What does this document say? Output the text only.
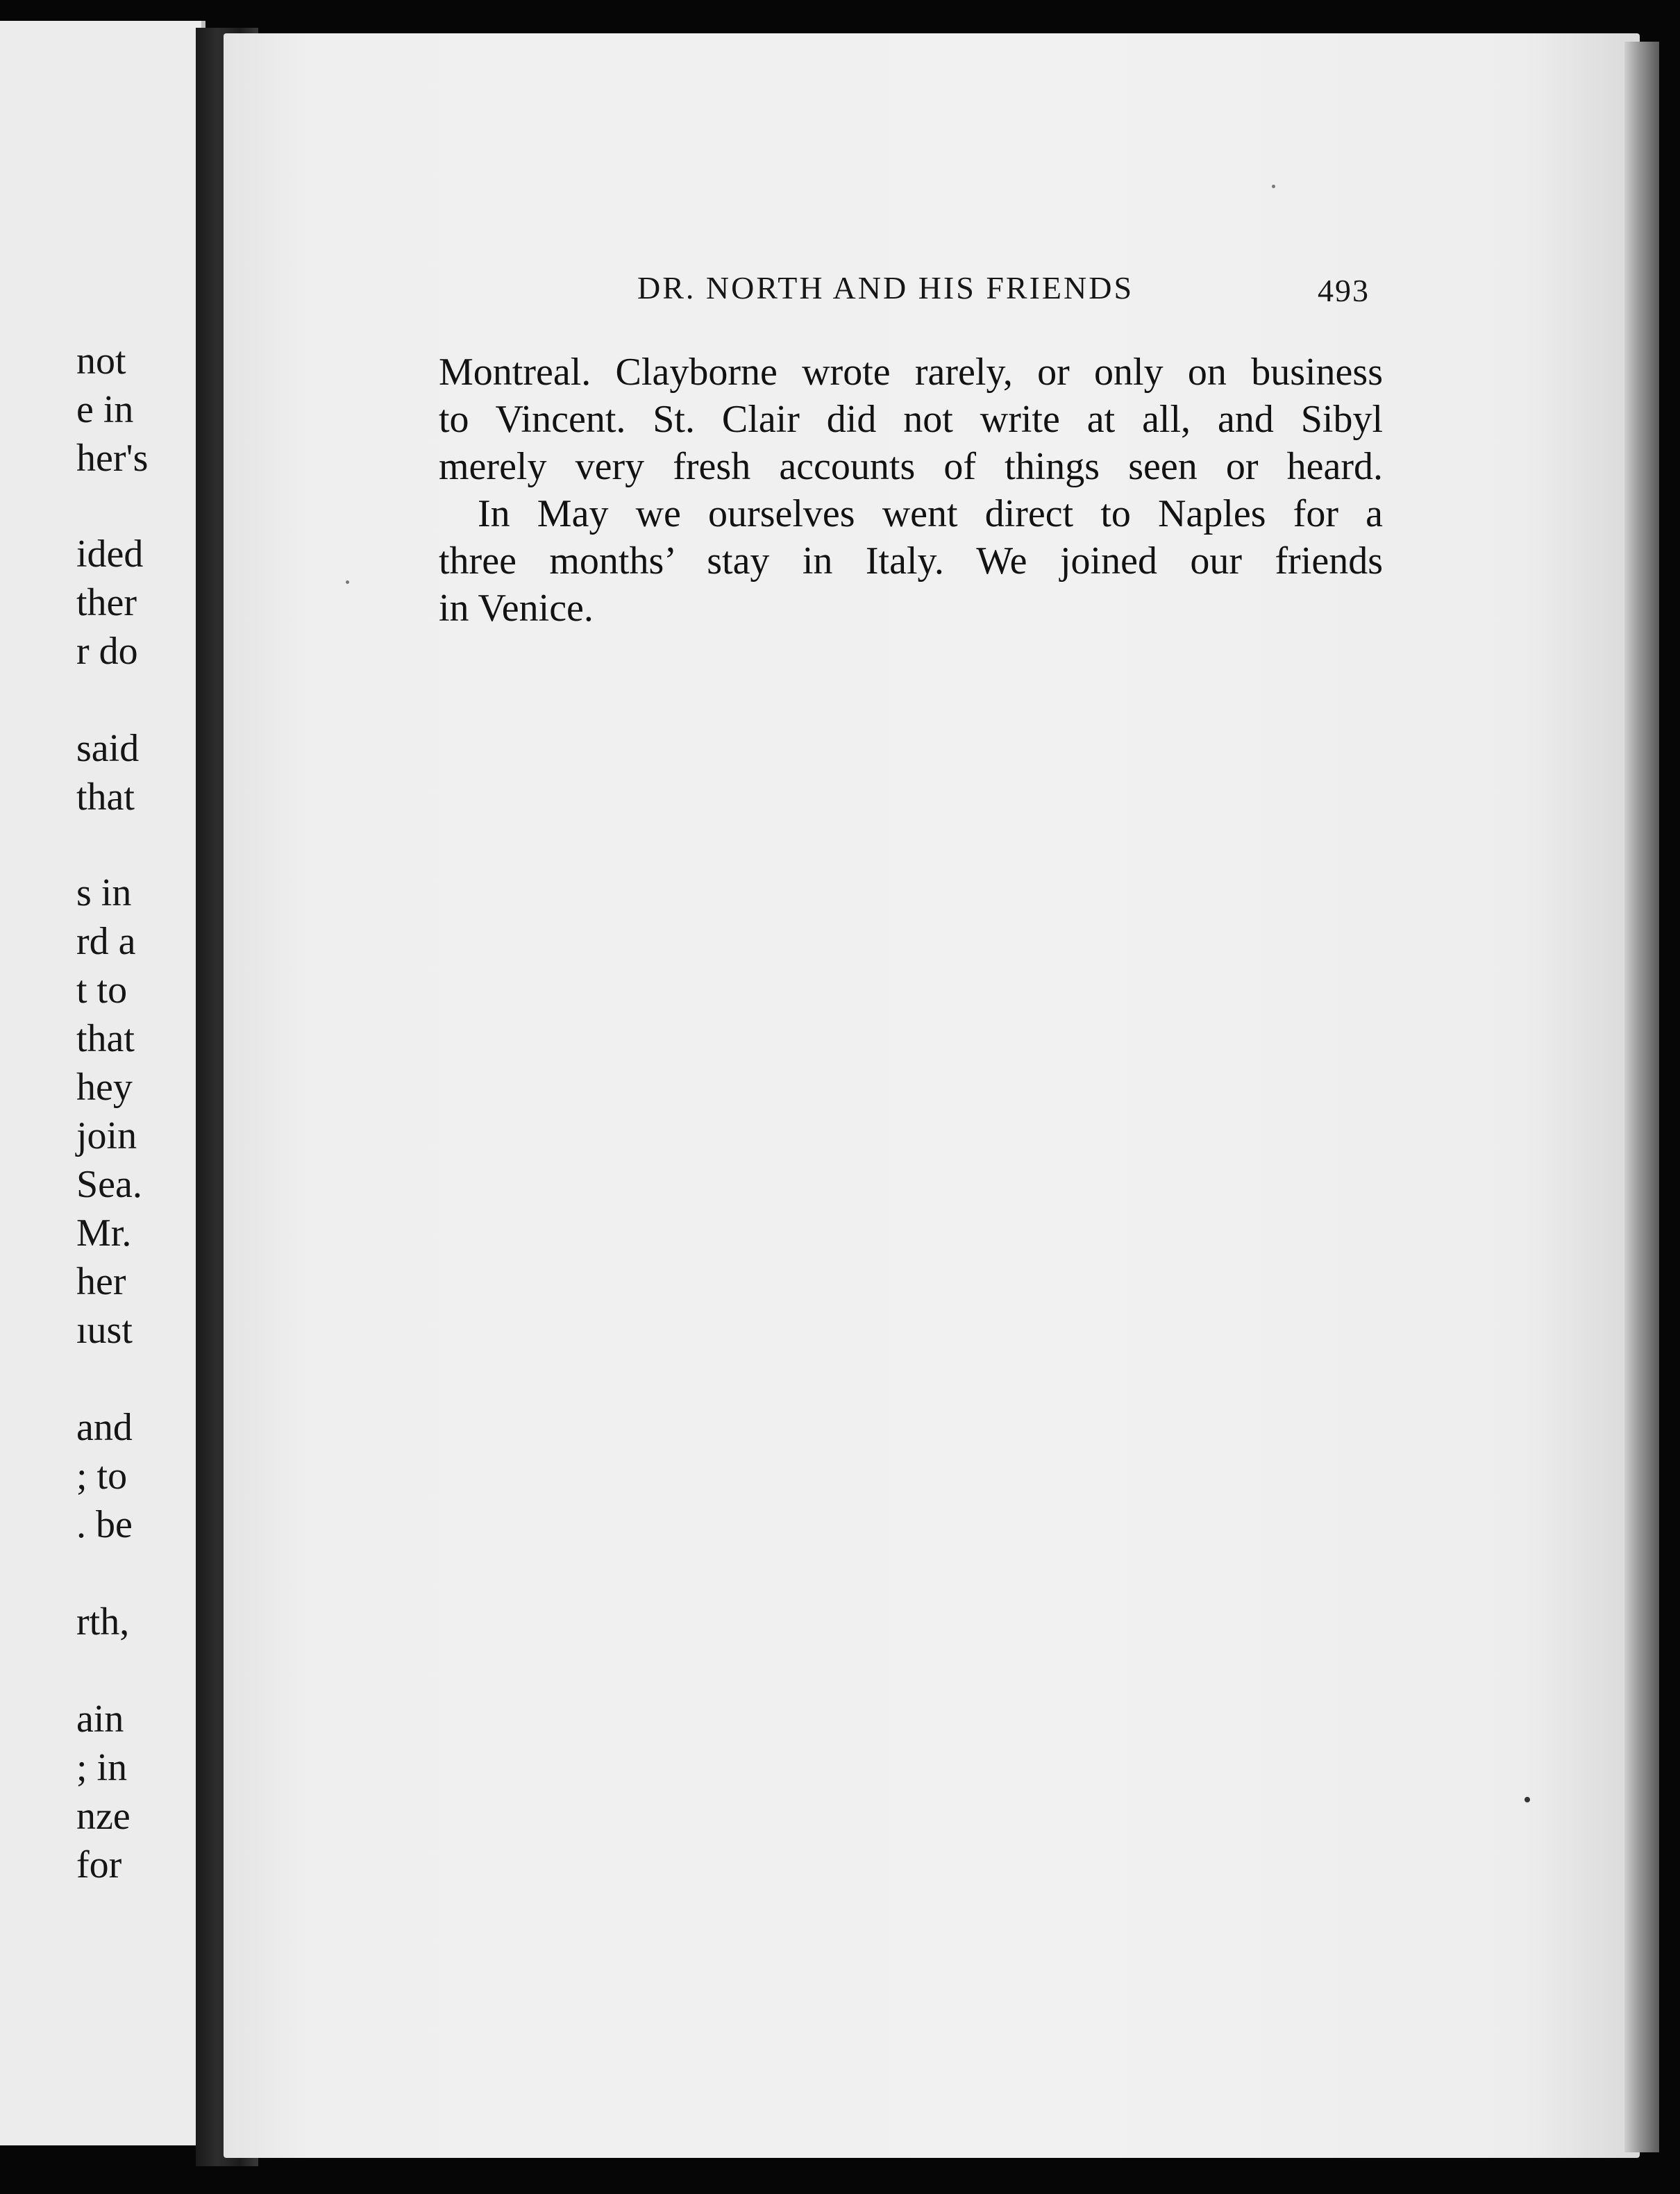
not
e in
her's
ided
ther
r do
said
that
s in
rd a
t to
that
hey
join
Sea.
Mr.
her
ıust
and
; to
. be
rth,
ain
; in
nze
for
DR. NORTH AND HIS FRIENDS	493

Montreal. Clayborne wrote rarely, or only on business
to Vincent. St. Clair did not write at all, and Sibyl
merely very fresh accounts of things seen or heard.

In May we ourselves went direct to Naples for a
three months’ stay in Italy. We joined our friends
in Venice.
